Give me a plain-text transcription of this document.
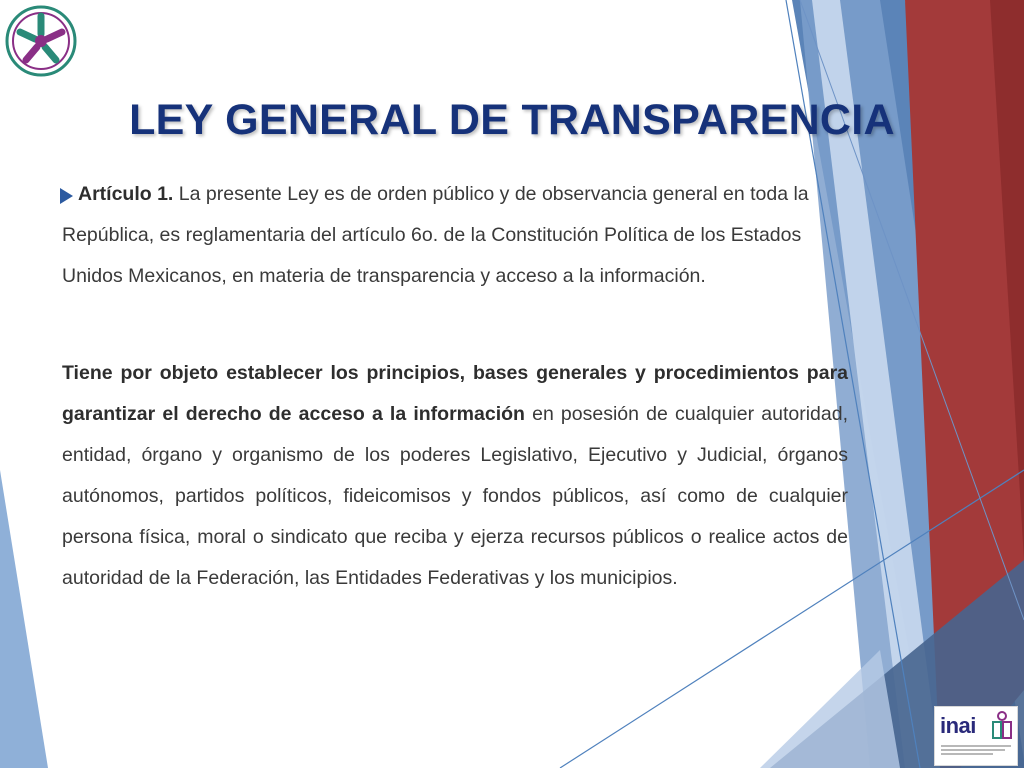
LEY GENERAL DE TRANSPARENCIA

Artículo 1. La presente Ley es de orden público y de observancia general en toda la República, es reglamentaria del artículo 6o. de la Constitución Política de los Estados Unidos Mexicanos, en materia de transparencia y acceso a la información.

Tiene por objeto establecer los principios, bases generales y procedimientos para garantizar el derecho de acceso a la información en posesión de cualquier autoridad, entidad, órgano y organismo de los poderes Legislativo, Ejecutivo y Judicial, órganos autónomos, partidos políticos, fideicomisos y fondos públicos, así como de cualquier persona física, moral o sindicato que reciba y ejerza recursos públicos o realice actos de autoridad de la Federación, las Entidades Federativas y los municipios.

inai
